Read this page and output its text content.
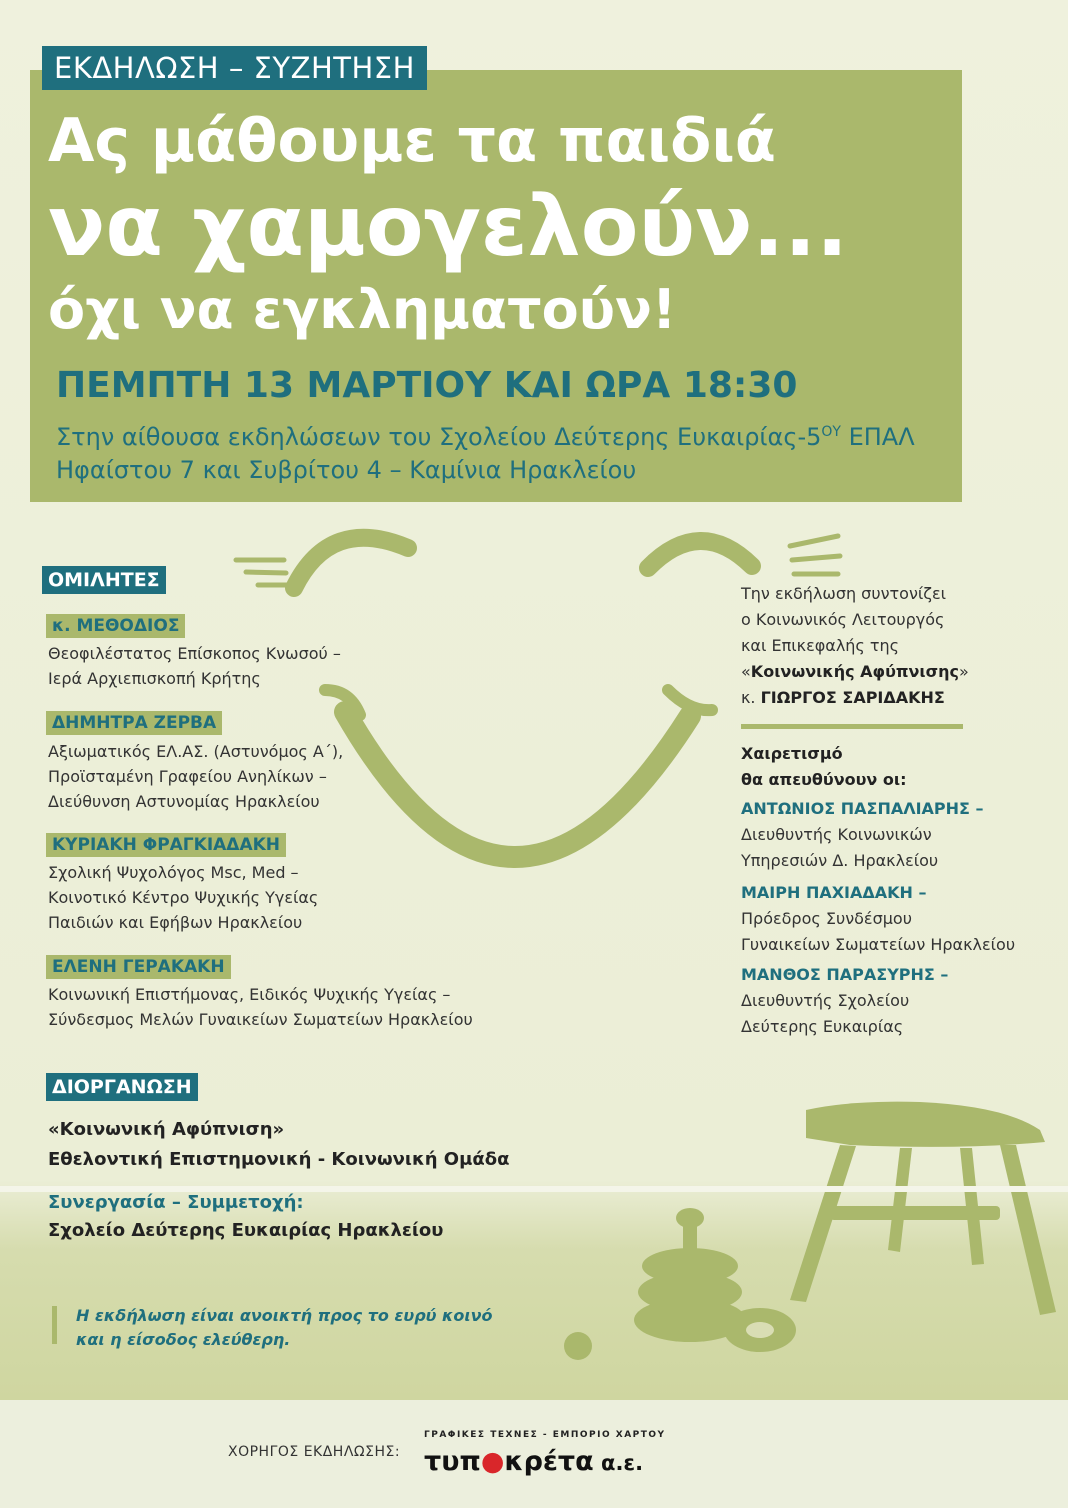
ΕΚΔΗΛΩΣΗ – ΣΥΖΗΤΗΣΗ
Ας μάθουμε τα παιδιά
να χαμογελούν...
όχι να εγκληματούν!
ΠΕΜΠΤΗ 13 ΜΑΡΤΙΟΥ ΚΑΙ ΩΡΑ 18:30
Στην αίθουσα εκδηλώσεων του Σχολείου Δεύτερης Ευκαιρίας-$5^{O\Upsilon}$ ΕΠΑΛ
Ηφαίστου 7 και Συβρίτου 4 – Καμίνια Ηρακλείου
ΟΜΙΛΗΤΕΣ
κ. ΜΕΘΟΔΙΟΣ
Θεοφιλέστατος Επίσκοπος Κνωσού –
Ιερά Αρχιεπισκοπή Κρήτης
ΔΗΜΗΤΡΑ ΖΕΡΒΑ
Αξιωματικός ΕΛ.ΑΣ. (Αστυνόμος Α΄),
Προϊσταμένη Γραφείου Ανηλίκων –
Διεύθυνση Αστυνομίας Ηρακλείου
ΚΥΡΙΑΚΗ ΦΡΑΓΚΙΑΔΑΚΗ
Σχολική Ψυχολόγος Msc, Med –
Κοινοτικό Κέντρο Ψυχικής Υγείας
Παιδιών και Εφήβων Ηρακλείου
ΕΛΕΝΗ ΓΕΡΑΚΑΚΗ
Κοινωνική Επιστήμονας, Ειδικός Ψυχικής Υγείας –
Σύνδεσμος Μελών Γυναικείων Σωματείων Ηρακλείου
Την εκδήλωση συντονίζει
ο Κοινωνικός Λειτουργός
και Επικεφαλής της
«Κοινωνικής Αφύπνισης»
κ. ΓΙΩΡΓΟΣ ΣΑΡΙΔΑΚΗΣ
Χαιρετισμό
θα απευθύνουν οι:
ΑΝΤΩΝΙΟΣ ΠΑΣΠΑΛΙΑΡΗΣ –
Διευθυντής Κοινωνικών
Υπηρεσιών Δ. Ηρακλείου
ΜΑΙΡΗ ΠΑΧΙΑΔΑΚΗ –
Πρόεδρος Συνδέσμου
Γυναικείων Σωματείων Ηρακλείου
ΜΑΝΘΟΣ ΠΑΡΑΣΥΡΗΣ –
Διευθυντής Σχολείου
Δεύτερης Ευκαιρίας
ΔΙΟΡΓΑΝΩΣΗ
«Κοινωνική Αφύπνιση»
Εθελοντική Επιστημονική - Κοινωνική Ομάδα
Συνεργασία – Συμμετοχή:
Σχολείο Δεύτερης Ευκαιρίας Ηρακλείου
Η εκδήλωση είναι ανοικτή προς το ευρύ κοινό
και η είσοδος ελεύθερη.
ΧΟΡΗΓΟΣ ΕΚΔΗΛΩΣΗΣ:
ΓΡΑΦΙΚΕΣ ΤΕΧΝΕΣ - ΕΜΠΟΡΙΟ ΧΑΡΤΟΥ
τυπ●κρέτα α.ε.
